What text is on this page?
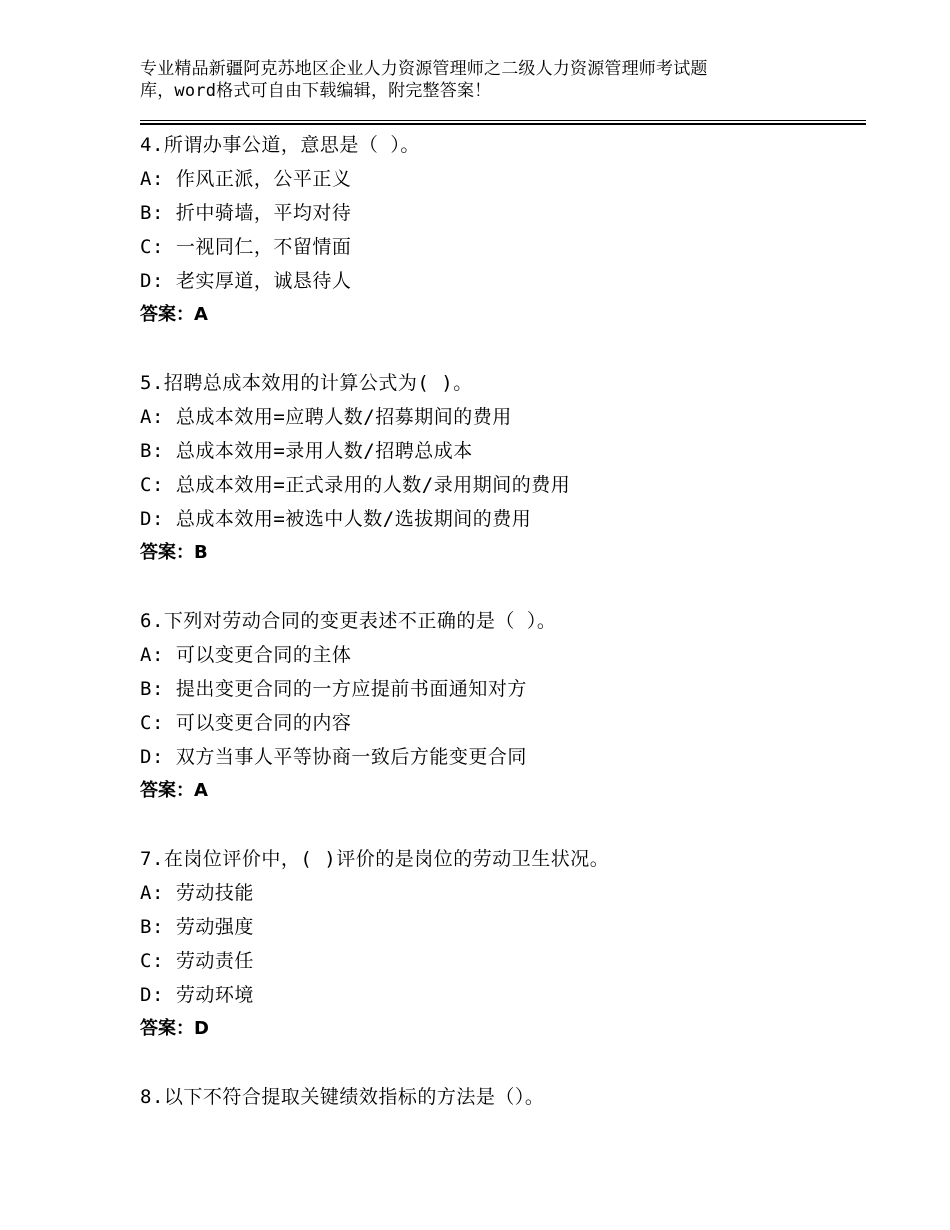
专业精品新疆阿克苏地区企业人力资源管理师之二级人力资源管理师考试题
库，word格式可自由下载编辑，附完整答案！
4.所谓办事公道，意思是（ ）。
A: 作风正派，公平正义
B: 折中骑墙，平均对待
C: 一视同仁，不留情面
D: 老实厚道，诚恳待人
答案：A
5.招聘总成本效用的计算公式为( )。
A: 总成本效用=应聘人数/招募期间的费用
B: 总成本效用=录用人数/招聘总成本
C: 总成本效用=正式录用的人数/录用期间的费用
D: 总成本效用=被选中人数/选拔期间的费用
答案：B
6.下列对劳动合同的变更表述不正确的是（ ）。
A: 可以变更合同的主体
B: 提出变更合同的一方应提前书面通知对方
C: 可以变更合同的内容
D: 双方当事人平等协商一致后方能变更合同
答案：A
7.在岗位评价中，( )评价的是岗位的劳动卫生状况。
A: 劳动技能
B: 劳动强度
C: 劳动责任
D: 劳动环境
答案：D
8.以下不符合提取关键绩效指标的方法是（）。
